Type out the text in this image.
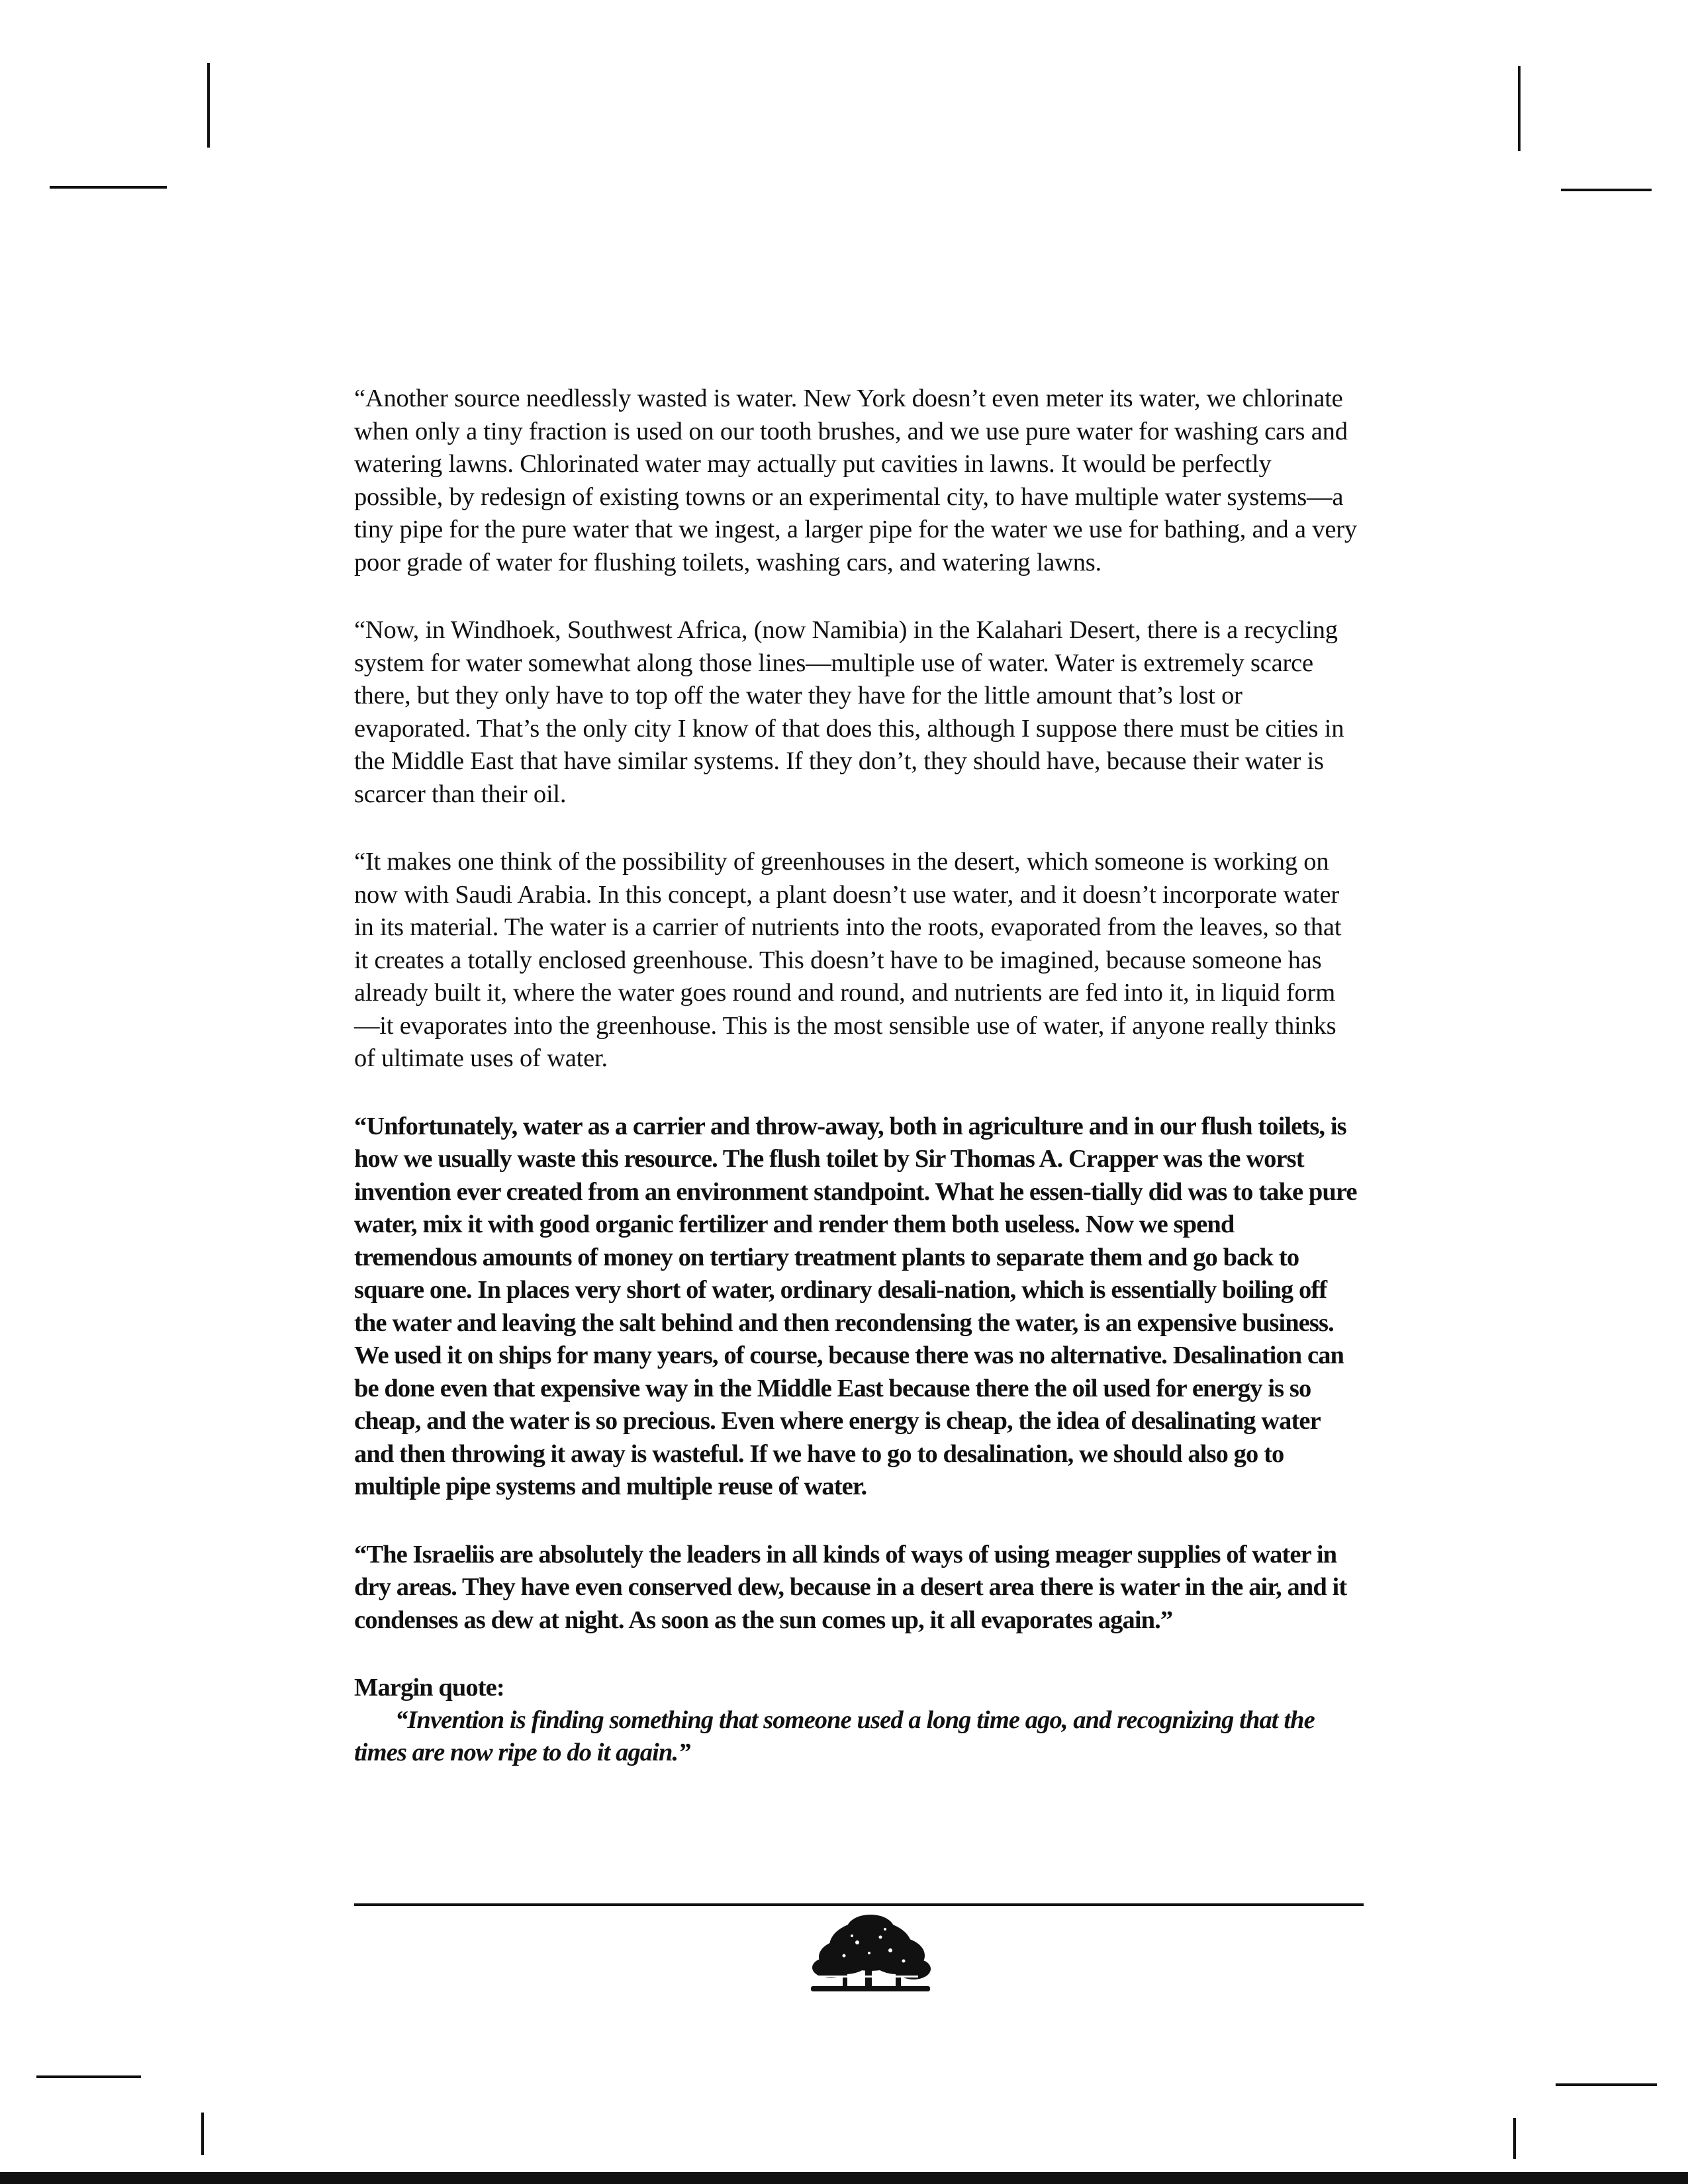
“Another source needlessly wasted is water. New York doesn’t even meter its water, we chlorinate when only a tiny fraction is used on our tooth brushes, and we use pure water for washing cars and watering lawns. Chlorinated water may actually put cavities in lawns. It would be perfectly possible, by redesign of existing towns or an experimental city, to have multiple water systems—a tiny pipe for the pure water that we ingest, a larger pipe for the water we use for bathing, and a very poor grade of water for flushing toilets, washing cars, and watering lawns.

“Now, in Windhoek, Southwest Africa, (now Namibia) in the Kalahari Desert, there is a recycling system for water somewhat along those lines—multiple use of water. Water is extremely scarce there, but they only have to top off the water they have for the little amount that’s lost or evaporated. That’s the only city I know of that does this, although I suppose there must be cities in the Middle East that have similar systems. If they don’t, they should have, because their water is scarcer than their oil.

“It makes one think of the possibility of greenhouses in the desert, which someone is working on now with Saudi Arabia. In this concept, a plant doesn’t use water, and it doesn’t incorporate water in its material. The water is a carrier of nutrients into the roots, evaporated from the leaves, so that it creates a totally enclosed greenhouse. This doesn’t have to be imagined, because someone has already built it, where the water goes round and round, and nutrients are fed into it, in liquid form—it evaporates into the greenhouse. This is the most sensible use of water, if anyone really thinks of ultimate uses of water.

“Unfortunately, water as a carrier and throw-away, both in agriculture and in our flush toilets, is how we usually waste this resource. The flush toilet by Sir Thomas A. Crapper was the worst invention ever created from an environment standpoint. What he essen-tially did was to take pure water, mix it with good organic fertilizer and render them both useless. Now we spend tremendous amounts of money on tertiary treatment plants to separate them and go back to square one. In places very short of water, ordinary desali-nation, which is essentially boiling off the water and leaving the salt behind and then recondensing the water, is an expensive business. We used it on ships for many years, of course, because there was no alternative. Desalination can be done even that expensive way in the Middle East because there the oil used for energy is so cheap, and the water is so precious. Even where energy is cheap, the idea of desalinating water and then throwing it away is wasteful. If we have to go to desalination, we should also go to multiple pipe systems and multiple reuse of water.

“The Israeliis are absolutely the leaders in all kinds of ways of using meager supplies of water in dry areas. They have even conserved dew, because in a desert area there is water in the air, and it condenses as dew at night. As soon as the sun comes up, it all evaporates again.”

Margin quote:

“Invention is finding something that someone used a long time ago, and recognizing that the times are now ripe to do it again.”
